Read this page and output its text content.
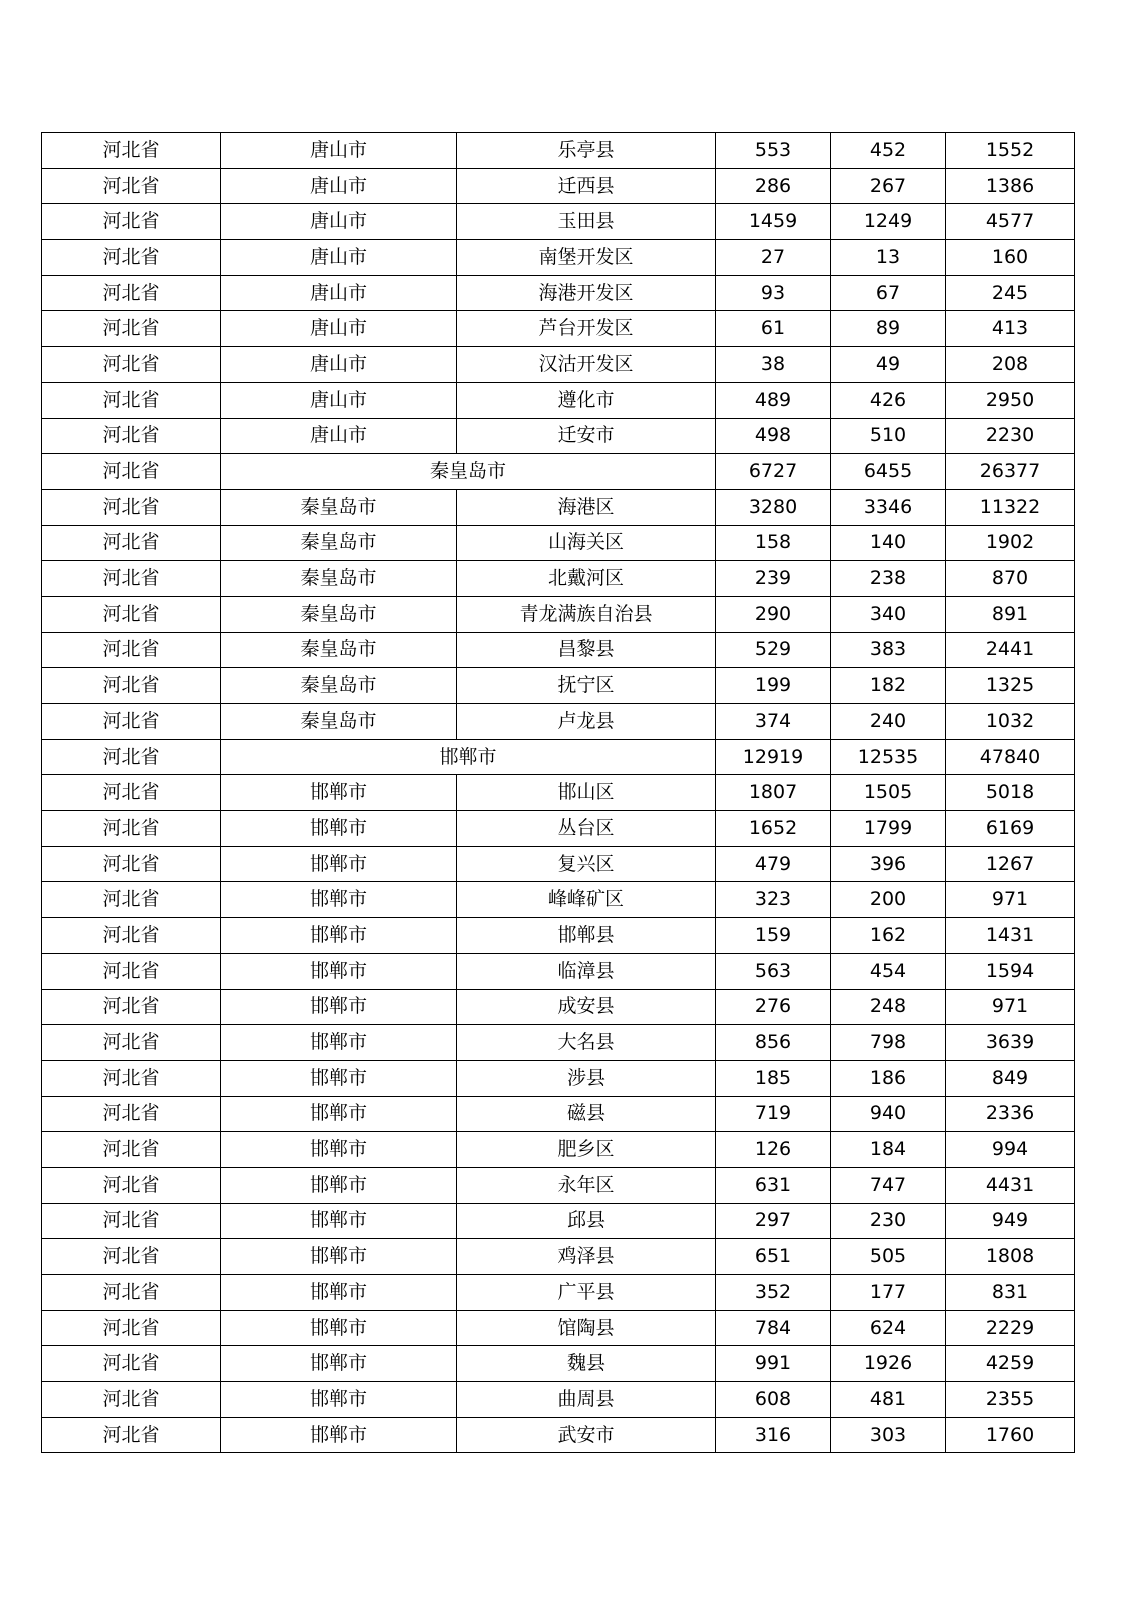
河北省	唐山市	乐亭县	553	452	1552
河北省	唐山市	迁西县	286	267	1386
河北省	唐山市	玉田县	1459	1249	4577
河北省	唐山市	南堡开发区	27	13	160
河北省	唐山市	海港开发区	93	67	245
河北省	唐山市	芦台开发区	61	89	413
河北省	唐山市	汉沽开发区	38	49	208
河北省	唐山市	遵化市	489	426	2950
河北省	唐山市	迁安市	498	510	2230
河北省	秦皇岛市		6727	6455	26377
河北省	秦皇岛市	海港区	3280	3346	11322
河北省	秦皇岛市	山海关区	158	140	1902
河北省	秦皇岛市	北戴河区	239	238	870
河北省	秦皇岛市	青龙满族自治县	290	340	891
河北省	秦皇岛市	昌黎县	529	383	2441
河北省	秦皇岛市	抚宁区	199	182	1325
河北省	秦皇岛市	卢龙县	374	240	1032
河北省	邯郸市		12919	12535	47840
河北省	邯郸市	邯山区	1807	1505	5018
河北省	邯郸市	丛台区	1652	1799	6169
河北省	邯郸市	复兴区	479	396	1267
河北省	邯郸市	峰峰矿区	323	200	971
河北省	邯郸市	邯郸县	159	162	1431
河北省	邯郸市	临漳县	563	454	1594
河北省	邯郸市	成安县	276	248	971
河北省	邯郸市	大名县	856	798	3639
河北省	邯郸市	涉县	185	186	849
河北省	邯郸市	磁县	719	940	2336
河北省	邯郸市	肥乡区	126	184	994
河北省	邯郸市	永年区	631	747	4431
河北省	邯郸市	邱县	297	230	949
河北省	邯郸市	鸡泽县	651	505	1808
河北省	邯郸市	广平县	352	177	831
河北省	邯郸市	馆陶县	784	624	2229
河北省	邯郸市	魏县	991	1926	4259
河北省	邯郸市	曲周县	608	481	2355
河北省	邯郸市	武安市	316	303	1760
